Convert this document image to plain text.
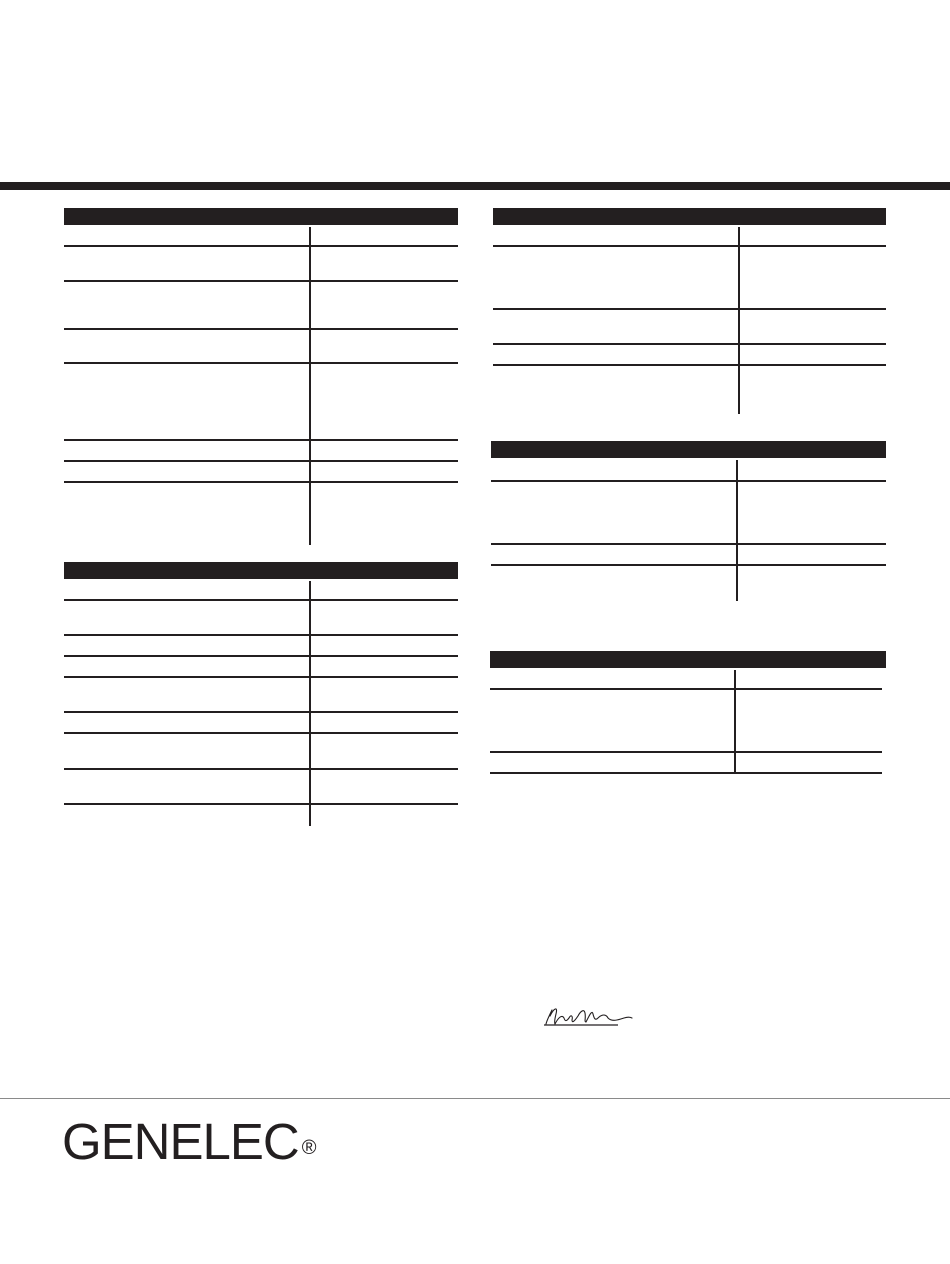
GENELEC ®
